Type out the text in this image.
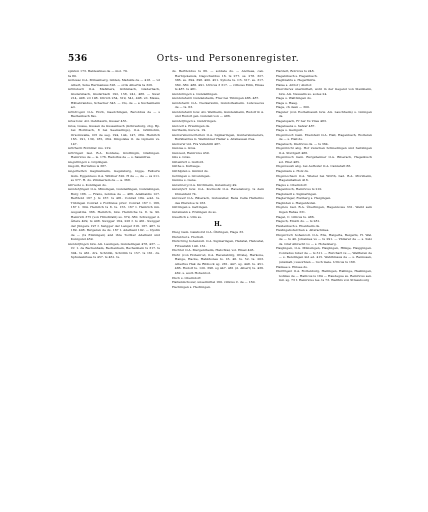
536	Orts- und Personenregister.

spiidon 173. Baldewines de — mol. 79.

ta 80.

Gollasse O.A. Mirsenberg, Gilden, Mahulfe de — 418. — vd Albert, Soke Hermanuss 326. — ords Albertis ta 326.

Göhlsbach O.A. Mahlbers, Göhlsbach, Gisderbach, Gisdersbach, Gisdsrbach 192, 158, 241, 486. — Swer 214, 498. vd 198. Ullrich 254, 319, 541, 498. vd. Mawe, Hilbebrandus, Schecher 343. — Cls, de — a Suchenheim ad.

Göhdrogen O.A. Horb, Gaedchingen, Berobbus de — s Bachenbach 8ss.

Göss bzw. AO. Oehlbaurn, Gusser 455.

Göss, Gusse, Gussen de Gussenbach (Göhreshurg, zbg. Bp. bei Hornbach, 8 bei Seemarings), O.A. Göhlhohin, Orsoinwalle, Ort de seg. 194, 144, 147, 284. Heinrich 163. 191, 139, 185, 264. Dingolska O. de Lipheim vs. 147.

Göttheim Rottdrar. ms. 219.

Göttingen lsel. B.A. Kontane, Gösttingin, Gtsdingen. Heinricus de — is. 176. Radolfus de — s. Salemfres.

Gugullingen s. Göplingen.

Gugolli, Burratius is 387.

Gagelhelten Gaglisslnaim, Gegslsbsrg, bigge, Felbsrw Gsm. Eggenreuo O.A. Wiblber 320. H de —, de — ss 211. ss 377. H. ds. Zimmerlein de — a. 368.

Gilrucke s. Konlingen ds.

Gandshfingen O.A. Minsingen, Gundelfingen, Gundelingen, Burg 186. — Frans, nobilsa de — 486. Adelhaidis 127. Berthold 167 J. ts 167. ts 481. Conrad 184. eold. ts. Tübingen Conrad s Fordfeiss prior. Conrad 167 I. 166, 167 I. 304. Heinrich ts 8. ts. 155. 167 I. Heinrich mn. Augustins. 366. Heinrich, bzw. Heinriche ts. 8. ts. 90. Heinrich 375 (von Hirschfahl) ss. 379, 380. Schwigger d. Ältere 409, ts 408. Swigger 164, 226 f. ts 461. Swigger der Jüngere 197 f. Swigger der Langer 316. 167. 487. ts 189. 408. Bsrgaren de ds. 167 I. Adelhaid 192. — Dystin de — (ts Embingen) and ihre Tochter Adelhaid und Kunigund 459.

Gundelfingen bzw. AG. Lauingen, Gundelingen 478, 437. — Cr. 1. de Bechenham, Bechenhein, Bechenhein ts 317. ts 304. ts 461. drs. Schöllin, Schöllin ts 157. ts 161. ds. Sphuleskrisse ts 457. ts 461. ts.

ds. Bertholdus ts 66. — soldate ds. — Andreas, can. Herbipolensis, Dagochardus 16. ts 277. ss. 278. 327. 386. ss. 394. 398. 400. 451. Sybote ts. C3. 317. ss. 317. 360. 380. 486. 491. Ulricus 3 317. — vittsces Eilin, Elisse ts 487. ts 481.

Gundelingen s. Gundelfingen.

Gundelsheim Gundelsheim, Frav bei Tübingen 486. 487.

Gandsheim O.A. Neckarsulm, Gundolfesheim. Lubowecus de — ts. 63.

Gundelsheim bzw. AG. Weilheim, Gundelsheim, Rudolf & A. und Rudolf gen. Gundeli von — 486.

Gandelfingen s. Gundringen.

Gunzell s. Ersslingen ds.

Gurlheim, hure ts. 19.

Gunterskunnerhelten O.A. Sigmaringen, Gunterskunerers, Burkhardus G. Waitinbner Haller s. Altshausen fres.

Guntersl vid. Fra Vsllehrill 487.

Gunzse s. Göss.

Gunzeut, Heinricus 459.

Güs s. Göss.

Gütenfurt s. Gulford.

Güthe s. Kuttsage.

Güthlpfen s. Gmünd ds.

Gotlingen s. Grosningen.

Gunme s. Gene.

Gutenberg O.A. Kirchheim, Gutenberg 49.

Gutenfurt bzw. O.A. Kochsohl O.A. Ravensburg, ts dem Ulmenfeld 74.

Gutzweil O.A. Biberach, Gutsweller, Bens Cella Halterino des Pfersdoe ts 163.

Güttingen s. Gettingen.

Gutsmann s. Erslingen ds ss.

Gwerlich s. Ulm ss.

H.

Haag Gem. Gaishorst O.A. Öhringen, Hage 33.

Habsbhal s. Hochstl.

Habiching hohenzull. O.A. Sigmaringen, Habstal, Habostal, Friwarahb 149. 161.

Hachtel O.A. Mergentheim, Habchtal, vol. Eliset 403.

Hahn (von Hohenrod, O.A. Ravensbürg, Ottsle), Harkone, Hange, Hacke, Hahkhones ts. 16. 46. ts. 52. ts. 203. Albertus Hak de Ribhock sg. 281. 447. sg. 448. ts. 451. 486. Rudolf ts. 120. 398. sg 447. 481 (d. Albert) ts. 436. 462. s. auch Hohenrod.

Hack s. Oberndorf.

Haltenmchover, unsermittel 160. villicus C. de — 160.

Hechingen s. Hechingen.

Hardert, Bolricus ts 248.

Hegebibach s. Hegenbach.

Hegibiahts s. Hegertkiris.

Halse s. Altrof / Alsriof.

Haerdieres unermittelt, wohl in der Gegend von Steinheim, bzw. AG. Neusalm ss. sodes 24.

Hage s. Waltbingen ds.

Hage s. Haag.

Hage, ch desn — 300.

Hagsler (von Eschelbaush bzw. AG. Lauchheim) s. Liningen ds.

Hagelspach, Fr ber Vs Vlies 483.

Hagebaens s. Salvar 487.

Hage s. Gedigurt.

Hagenbach Gem. Ebersfeld O.A. Hall, Hagenbach, Wolteren de — s. Hall ds.

Hagebach, Dietricus ds. — ts 364.

Hagenbichi abg. Hof zwischen Schnedingen und Seitzingen O.A. Stuttgart 486.

Hagenbuch Gem. Burgsheimer O.A. Biberach, Hagenbuch sol. Eliet 485.

Hagenwash abg. bei Aufhofer O.A. Cannstatt 86.

Hagsmare s. Holz ds.

Hagenachsen O.A. Wiebel bei Wörth, bad. B.A. Pforzheim, Hagenshalben 416.

Hagus s. Oberndorf.

Hagenbuch, Heinricus ts 210.

Hagisnadt s. Sigmaringen.

Hagleringer, Rudberg s. Haigingen.

Haginden s. Haigenhofen.

Hagnau bad. B.A. Überlingen, Hagennowe 331. Weild sein Ingen Rahse 331.

Hagel, C. villicus ts. 486.

Hagsch, Emich ds. — ts 281.

Heidenbach s. Ebenheim ds.

Heidngehoferchen s. Altsrachikes.

Haigerloch hohenzoll. O.A. Ebs, Haigerla, Beigerls, H. Wal. de — ts 40. Johannes vs — ts 291. — Vüllerer de — s. Sulz ds. Graf Albrecht vo — s. Hohenberg.

Haigingen, O.A. Münsingen, Haigingen, Hlläge, Haiggingen. Conradus Iuber de — ts 311. — Burchart vs —, Walfferen de — s. Bendingen ind ed. 415. Wehlhmaus de — s. Rennssen, (unsmatl.) ussorhien — ruch mele. Ulricus ts 168.

Hailsee s. Ehlsee ds.

Haitlingen O.A. Rottenburg, Hailingen, Hallinge, Hashingen, nobiles de — Hailicus is 184 — Haudegue ss. Reinricus sen. mil. sg. 73 f. Heinricus tes. ts 73. Walthrs von Strassbourg
